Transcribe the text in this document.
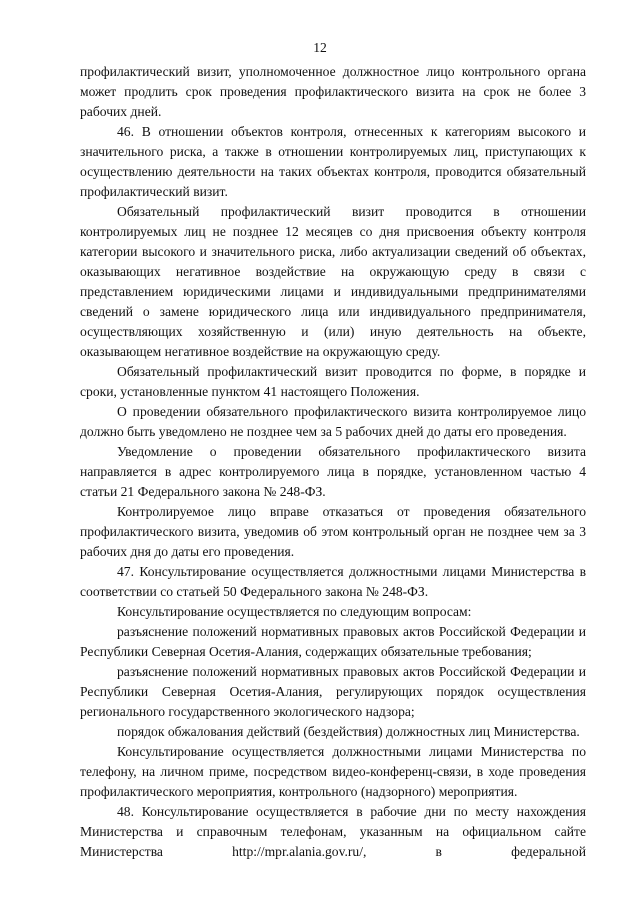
12

профилактический визит, уполномоченное должностное лицо контрольного органа может продлить срок проведения профилактического визита на срок не более 3 рабочих дней.

46. В отношении объектов контроля, отнесенных к категориям высокого и значительного риска, а также в отношении контролируемых лиц, приступающих к осуществлению деятельности на таких объектах контроля, проводится обязательный профилактический визит.

Обязательный профилактический визит проводится в отношении контролируемых лиц не позднее 12 месяцев со дня присвоения объекту контроля категории высокого и значительного риска, либо актуализации сведений об объектах, оказывающих негативное воздействие на окружающую среду в связи с представлением юридическими лицами и индивидуальными предпринимателями сведений о замене юридического лица или индивидуального предпринимателя, осуществляющих хозяйственную и (или) иную деятельность на объекте, оказывающем негативное воздействие на окружающую среду.

Обязательный профилактический визит проводится по форме, в порядке и сроки, установленные пунктом 41 настоящего Положения.

О проведении обязательного профилактического визита контролируемое лицо должно быть уведомлено не позднее чем за 5 рабочих дней до даты его проведения.

Уведомление о проведении обязательного профилактического визита направляется в адрес контролируемого лица в порядке, установленном частью 4 статьи 21 Федерального закона № 248-ФЗ.

Контролируемое лицо вправе отказаться от проведения обязательного профилактического визита, уведомив об этом контрольный орган не позднее чем за 3 рабочих дня до даты его проведения.

47. Консультирование осуществляется должностными лицами Министерства в соответствии со статьей 50 Федерального закона № 248-ФЗ.

Консультирование осуществляется по следующим вопросам:

разъяснение положений нормативных правовых актов Российской Федерации и Республики Северная Осетия-Алания, содержащих обязательные требования;

разъяснение положений нормативных правовых актов Российской Федерации и Республики Северная Осетия-Алания, регулирующих порядок осуществления регионального государственного экологического надзора;

порядок обжалования действий (бездействия) должностных лиц Министерства.

Консультирование осуществляется должностными лицами Министерства по телефону, на личном приме, посредством видео-конференц-связи, в ходе проведения профилактического мероприятия, контрольного (надзорного) мероприятия.

48. Консультирование осуществляется в рабочие дни по месту нахождения Министерства и справочным телефонам, указанным на официальном сайте Министерства http://mpr.alania.gov.ru/, в федеральной
